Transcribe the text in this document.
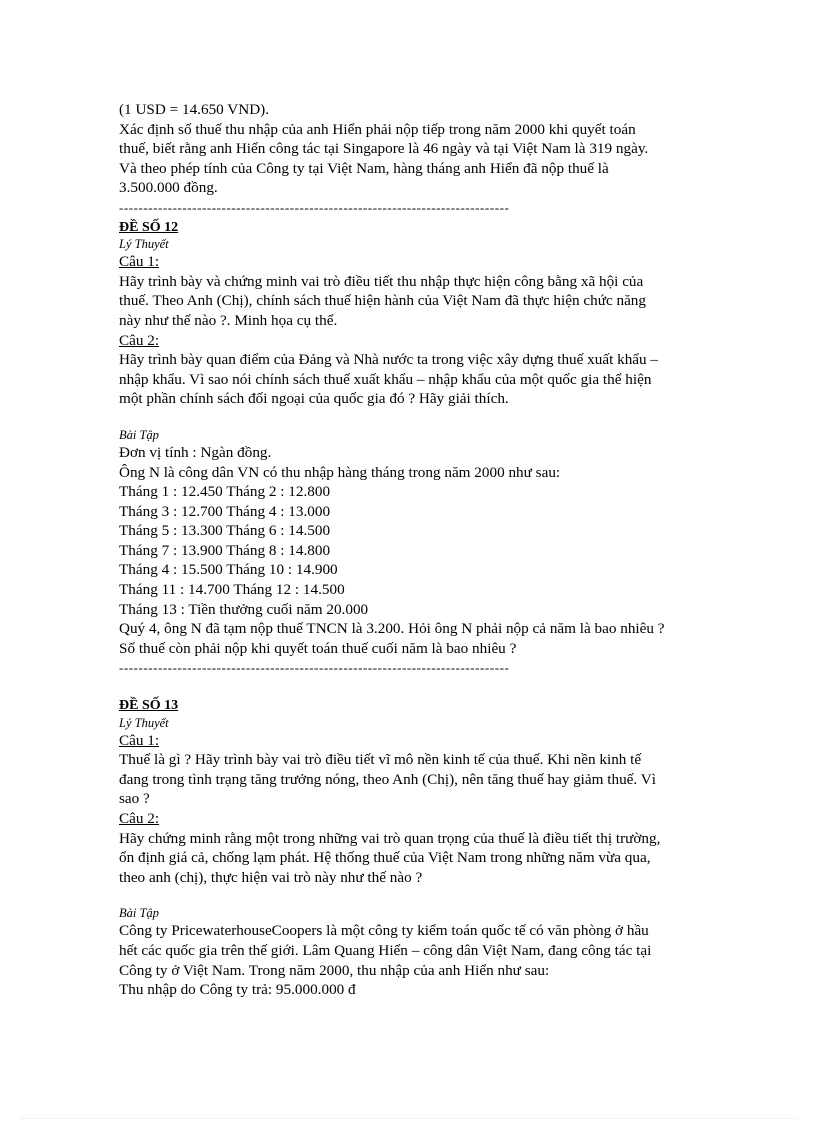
(1 USD = 14.650 VND).
Xác định số thuế thu nhập của anh Hiển phải nộp tiếp trong năm 2000 khi quyết toán
thuế, biết rằng anh Hiển công tác tại Singapore là 46 ngày và tại Việt Nam là 319 ngày.
Và theo phép tính của Công ty tại Việt Nam, hàng tháng anh Hiển đã nộp thuế là
3.500.000 đồng.
--------------------------------------------------------------------------------
ĐỀ SỐ 12
Lý Thuyết
Câu 1:
Hãy trình bày và chứng minh vai trò điều tiết thu nhập thực hiện công bằng xã hội của
thuế. Theo Anh (Chị), chính sách thuế hiện hành của Việt Nam đã thực hiện chức năng
này như thế nào ?. Minh họa cụ thể.
Câu 2:
Hãy trình bày quan điểm của Đảng và Nhà nước ta trong việc xây dựng thuế xuất khẩu –
nhập khẩu. Vì sao nói chính sách thuế xuất khẩu – nhập khẩu của một quốc gia thể hiện
một phần chính sách đối ngoại của quốc gia đó ? Hãy giải thích.
Bài Tập
Đơn vị tính : Ngàn đồng.
Ông N là công dân VN có thu nhập hàng tháng trong năm 2000 như sau:
Tháng 1 : 12.450 Tháng 2 : 12.800
Tháng 3 : 12.700 Tháng 4 : 13.000
Tháng 5 : 13.300 Tháng 6 : 14.500
Tháng 7 : 13.900 Tháng 8 : 14.800
Tháng 4 : 15.500 Tháng 10 : 14.900
Tháng 11 : 14.700 Tháng 12 : 14.500
Tháng 13 : Tiền thưởng cuối năm 20.000
Quý 4, ông N đã tạm nộp thuế TNCN là 3.200. Hỏi ông N phải nộp cả năm là bao nhiêu ?
Số thuế còn phải nộp khi quyết toán thuế cuối năm là bao nhiêu ?
--------------------------------------------------------------------------------
ĐỀ SỐ 13
Lý Thuyết
Câu 1:
Thuế là gì ? Hãy trình bày vai trò điều tiết vĩ mô nền kinh tế của thuế. Khi nền kinh tế
đang trong tình trạng tăng trưởng nóng, theo Anh (Chị), nên tăng thuế hay giảm thuế. Vì
sao ?
Câu 2:
Hãy chứng minh rằng một trong những vai trò quan trọng của thuế là điều tiết thị trường,
ổn định giá cả, chống lạm phát. Hệ thống thuế của Việt Nam trong những năm vừa qua,
theo anh (chị), thực hiện vai trò này như thế nào ?
Bài Tập
Công ty PricewaterhouseCoopers là một công ty kiểm toán quốc tế có văn phòng ở hầu
hết các quốc gia trên thế giới. Lâm Quang Hiển – công dân Việt Nam, đang công tác tại
Công ty ở Việt Nam. Trong năm 2000, thu nhập của anh Hiển như sau:
Thu nhập do Công ty trả: 95.000.000 đ
